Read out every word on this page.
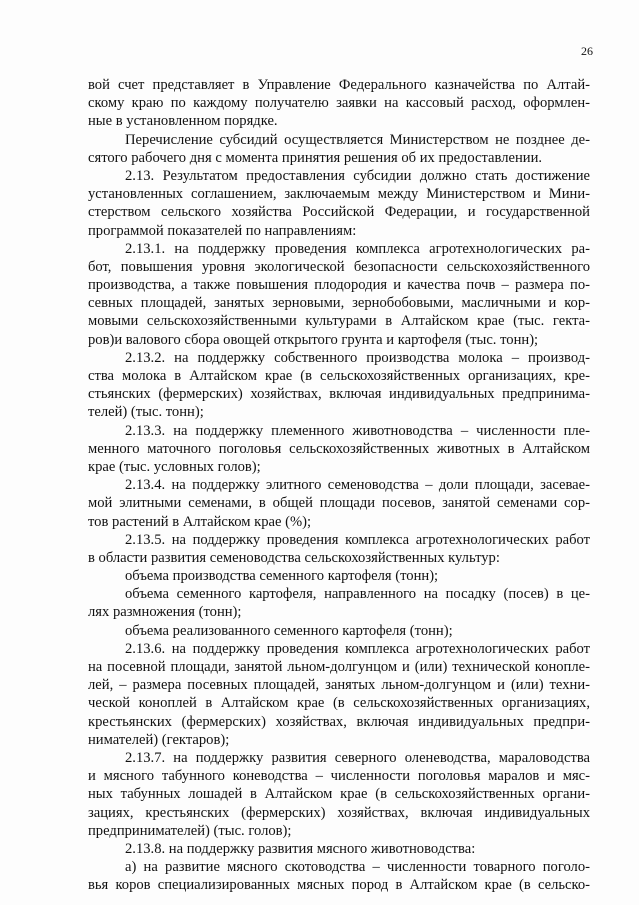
26
вой счет представляет в Управление Федерального казначейства по Алтай-
скому краю по каждому получателю заявки на кассовый расход, оформлен-
ные в установленном порядке.
Перечисление субсидий осуществляется Министерством не позднее де-
сятого рабочего дня с момента принятия решения об их предоставлении.
2.13. Результатом предоставления субсидии должно стать достижение
установленных соглашением, заключаемым между Министерством и Мини-
стерством сельского хозяйства Российской Федерации, и государственной
программой показателей по направлениям:
2.13.1. на поддержку проведения комплекса агротехнологических ра-
бот, повышения уровня экологической безопасности сельскохозяйственного
производства, а также повышения плодородия и качества почв – размера по-
севных площадей, занятых зерновыми, зернобобовыми, масличными и кор-
мовыми сельскохозяйственными культурами в Алтайском крае (тыс. гекта-
ров)и валового сбора овощей открытого грунта и картофеля (тыс. тонн);
2.13.2. на поддержку собственного производства молока – производ-
ства молока в Алтайском крае (в сельскохозяйственных организациях, кре-
стьянских (фермерских) хозяйствах, включая индивидуальных предпринима-
телей) (тыс. тонн);
2.13.3. на поддержку племенного животноводства – численности пле-
менного маточного поголовья сельскохозяйственных животных в Алтайском
крае (тыс. условных голов);
2.13.4. на поддержку элитного семеноводства – доли площади, засевае-
мой элитными семенами, в общей площади посевов, занятой семенами сор-
тов растений в Алтайском крае (%);
2.13.5. на поддержку проведения комплекса агротехнологических работ
в области развития семеноводства сельскохозяйственных культур:
объема производства семенного картофеля (тонн);
объема семенного картофеля, направленного на посадку (посев) в це-
лях размножения (тонн);
объема реализованного семенного картофеля (тонн);
2.13.6. на поддержку проведения комплекса агротехнологических работ
на посевной площади, занятой льном-долгунцом и (или) технической конопле-
лей, – размера посевных площадей, занятых льном-долгунцом и (или) техни-
ческой коноплей в Алтайском крае (в сельскохозяйственных организациях,
крестьянских (фермерских) хозяйствах, включая индивидуальных предпри-
нимателей) (гектаров);
2.13.7. на поддержку развития северного оленеводства, мараловодства
и мясного табунного коневодства – численности поголовья маралов и мяс-
ных табунных лошадей в Алтайском крае (в сельскохозяйственных органи-
зациях, крестьянских (фермерских) хозяйствах, включая индивидуальных
предпринимателей) (тыс. голов);
2.13.8. на поддержку развития мясного животноводства:
а) на развитие мясного скотоводства – численности товарного поголо-
вья коров специализированных мясных пород в Алтайском крае (в сельско-
